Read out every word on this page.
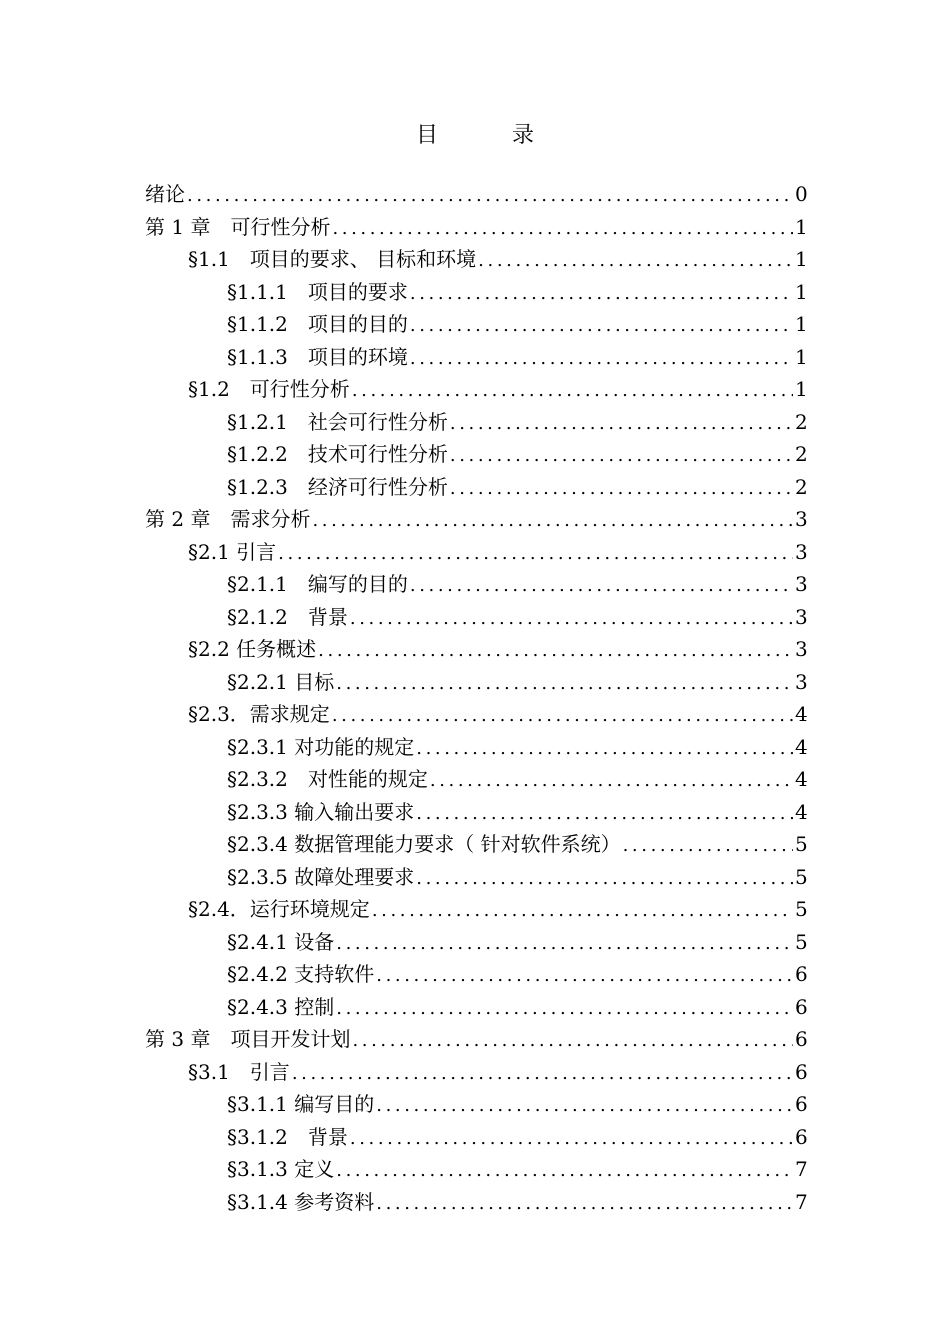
目　录
绪论 .....	0
第 1 章　可行性分析 .....	1
§1.1　项目的要求、 目标和环境 .....	1
§1.1.1　项目的要求 .....	1
§1.1.2　项目的目的 .....	1
§1.1.3　项目的环境 .....	1
§1.2　可行性分析 .....	1
§1.2.1　社会可行性分析 .....	2
§1.2.2　技术可行性分析 .....	2
§1.2.3　经济可行性分析 .....	2
第 2 章　需求分析 .....	3
§2.1 引言 .....	3
§2.1.1　编写的目的 .....	3
§2.1.2　背景 .....	3
§2.2 任务概述 .....	3
§2.2.1 目标 .....	3
§2.3．需求规定 .....	4
§2.3.1 对功能的规定 .....	4
§2.3.2　对性能的规定 .....	4
§2.3.3 输入输出要求 .....	4
§2.3.4 数据管理能力要求（ 针对软件系统） .....	5
§2.3.5 故障处理要求 .....	5
§2.4．运行环境规定 .....	5
§2.4.1 设备 .....	5
§2.4.2 支持软件 .....	6
§2.4.3 控制 .....	6
第 3 章　项目开发计划 .....	6
§3.1　引言 .....	6
§3.1.1 编写目的 .....	6
§3.1.2　背景 .....	6
§3.1.3 定义 .....	7
§3.1.4 参考资料 .....	7
